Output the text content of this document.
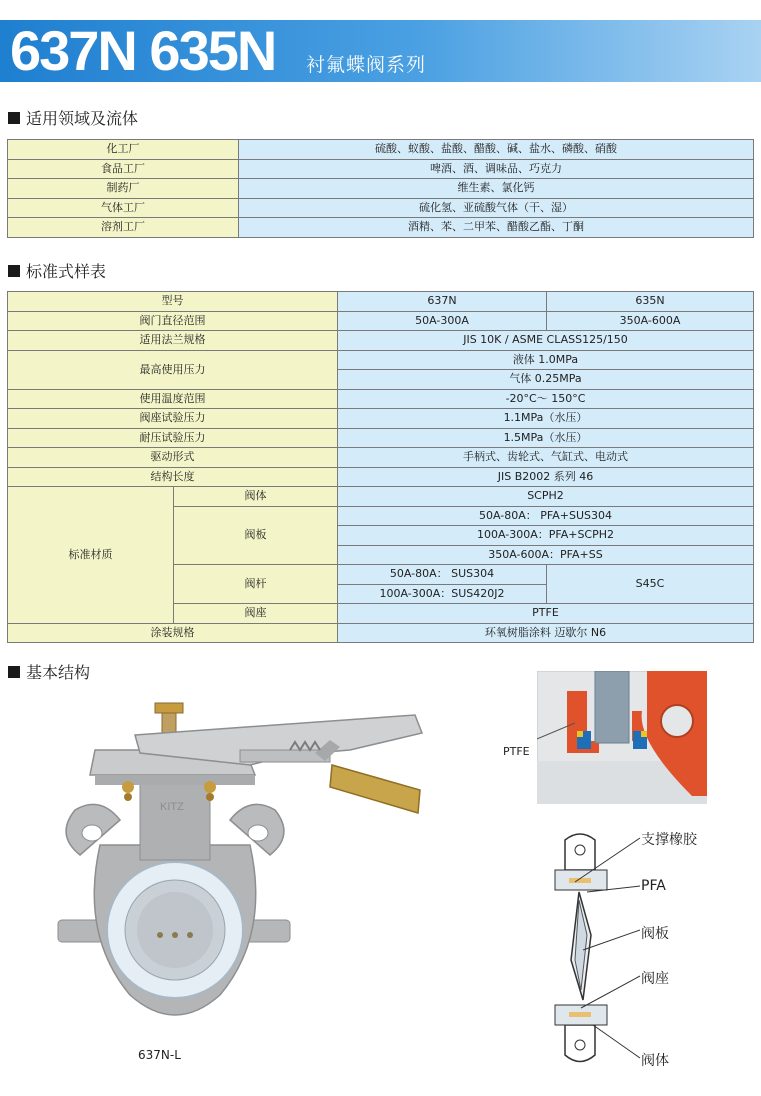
637N 635N 衬氟蝶阀系列
适用领域及流体
化工厂	硫酸、蚁酸、盐酸、醋酸、碱、盐水、磷酸、硝酸
食品工厂	啤酒、酒、调味品、巧克力
制药厂	维生素、氯化钙
气体工厂	硫化氢、亚硫酸气体（干、湿）
溶剂工厂	酒精、苯、二甲苯、醋酸乙酯、丁酮
标准式样表
型号		637N	635N
阀门直径范围		50A-300A	350A-600A
适用法兰规格		JIS 10K / ASME CLASS125/150	
最高使用压力		液体 1.0MPa	
		气体 0.25MPa	
使用温度范围		-20°C～ 150°C	
阀座试验压力		1.1MPa（水压）	
耐压试验压力		1.5MPa（水压）	
驱动形式		手柄式、齿轮式、气缸式、电动式	
结构长度		JIS B2002 系列 46	
标准材质	阀体	SCPH2	
	阀板	50A-80A： PFA+SUS304	
		100A-300A：PFA+SCPH2	
		350A-600A：PFA+SS	
	阀杆	50A-80A： SUS304	S45C
		100A-300A：SUS420J2	
	阀座	PTFE	
涂装规格		环氧树脂涂料 迈歇尔 N6	
基本结构
KITZ
637N-L
PTFE
支撑橡胶
PFA
阀板
阀座
阀体
